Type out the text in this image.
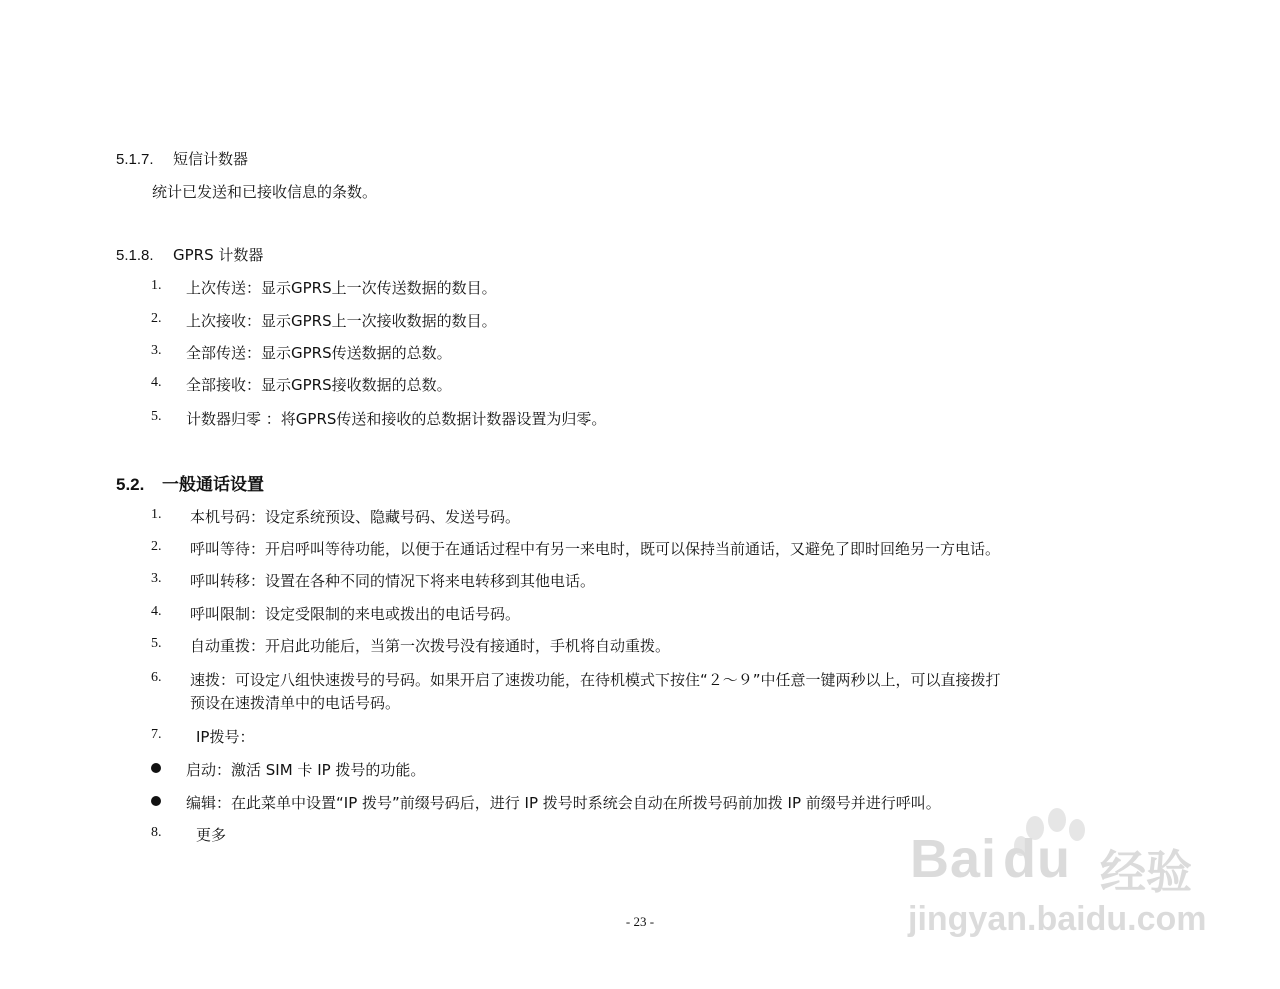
5.1.7. 短信计数器
统计已发送和已接收信息的条数。
5.1.8. GPRS 计数器
1. 上次传送：显示GPRS上一次传送数据的数目。
2. 上次接收：显示GPRS上一次接收数据的数目。
3. 全部传送：显示GPRS传送数据的总数。
4. 全部接收：显示GPRS接收数据的总数。
5. 计数器归零 ：将GPRS传送和接收的总数据计数器设置为归零。
5.2. 一般通话设置
1. 本机号码：设定系统预设、隐藏号码、发送号码。
2. 呼叫等待：开启呼叫等待功能，以便于在通话过程中有另一来电时，既可以保持当前通话，又避免了即时回绝另一方电话。
3. 呼叫转移：设置在各种不同的情况下将来电转移到其他电话。
4. 呼叫限制：设定受限制的来电或拨出的电话号码。
5. 自动重拨：开启此功能后，当第一次拨号没有接通时，手机将自动重拨。
6. 速拨：可设定八组快速拨号的号码。如果开启了速拨功能，在待机模式下按住“２～９”中任意一键两秒以上，可以直接拨打
预设在速拨清单中的电话号码。
7. IP拨号：
启动：激活 SIM 卡 IP 拨号的功能。
编辑：在此菜单中设置“IP 拨号”前缀号码后，进行 IP 拨号时系统会自动在所拨号码前加拨 IP 前缀号并进行呼叫。
8. 更多
- 23 -
Bai du 经验
jingyan.baidu.com
